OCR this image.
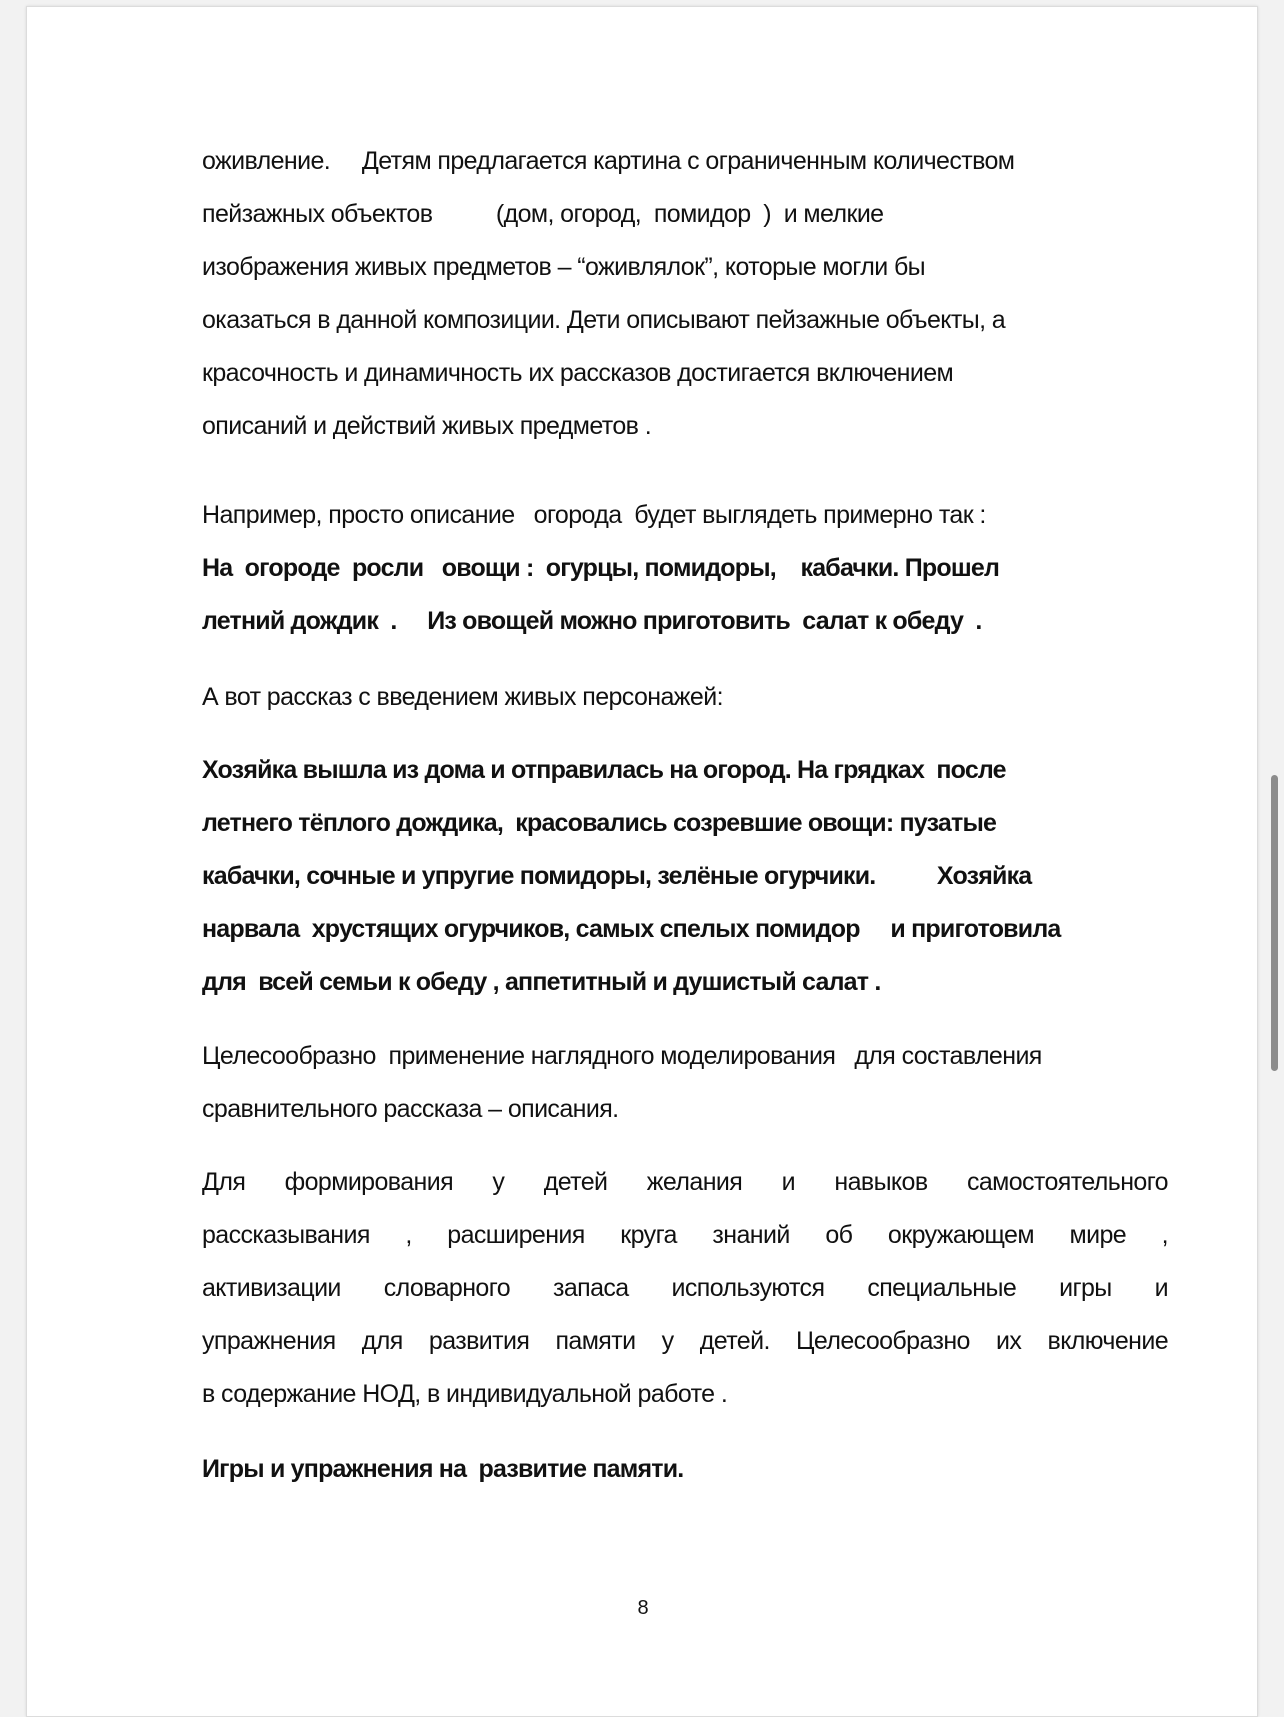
оживление.     Детям предлагается картина с ограниченным количеством
пейзажных объектов          (дом, огород,  помидор  )  и мелкие
изображения живых предметов – “оживлялок”, которые могли бы
оказаться в данной композиции. Дети описывают пейзажные объекты, а
красочность и динамичность их рассказов достигается включением
описаний и действий живых предметов .

Например, просто описание   огорода  будет выглядеть примерно так :

На  огороде  росли   овощи :  огурцы, помидоры,    кабачки. Прошел
летний дождик  .     Из овощей можно приготовить  салат к обеду  .

А вот рассказ с введением живых персонажей:

Хозяйка вышла из дома и отправилась на огород. На грядках  после
летнего тёплого дождика,  красовались созревшие овощи: пузатые
кабачки, сочные и упругие помидоры, зелёные огурчики.          Хозяйка
нарвала  хрустящих огурчиков, самых спелых помидор     и приготовила
для  всей семьи к обеду , аппетитный и душистый салат .

Целесообразно  применение наглядного моделирования   для составления
сравнительного рассказа – описания.

Для формирования у детей желания и навыков самостоятельного
рассказывания , расширения круга знаний об окружающем мире ,
активизации словарного запаса используются специальные игры и
упражнения для развития памяти у детей. Целесообразно их включение
в содержание НОД, в индивидуальной работе .

Игры и упражнения на  развитие памяти.

8
